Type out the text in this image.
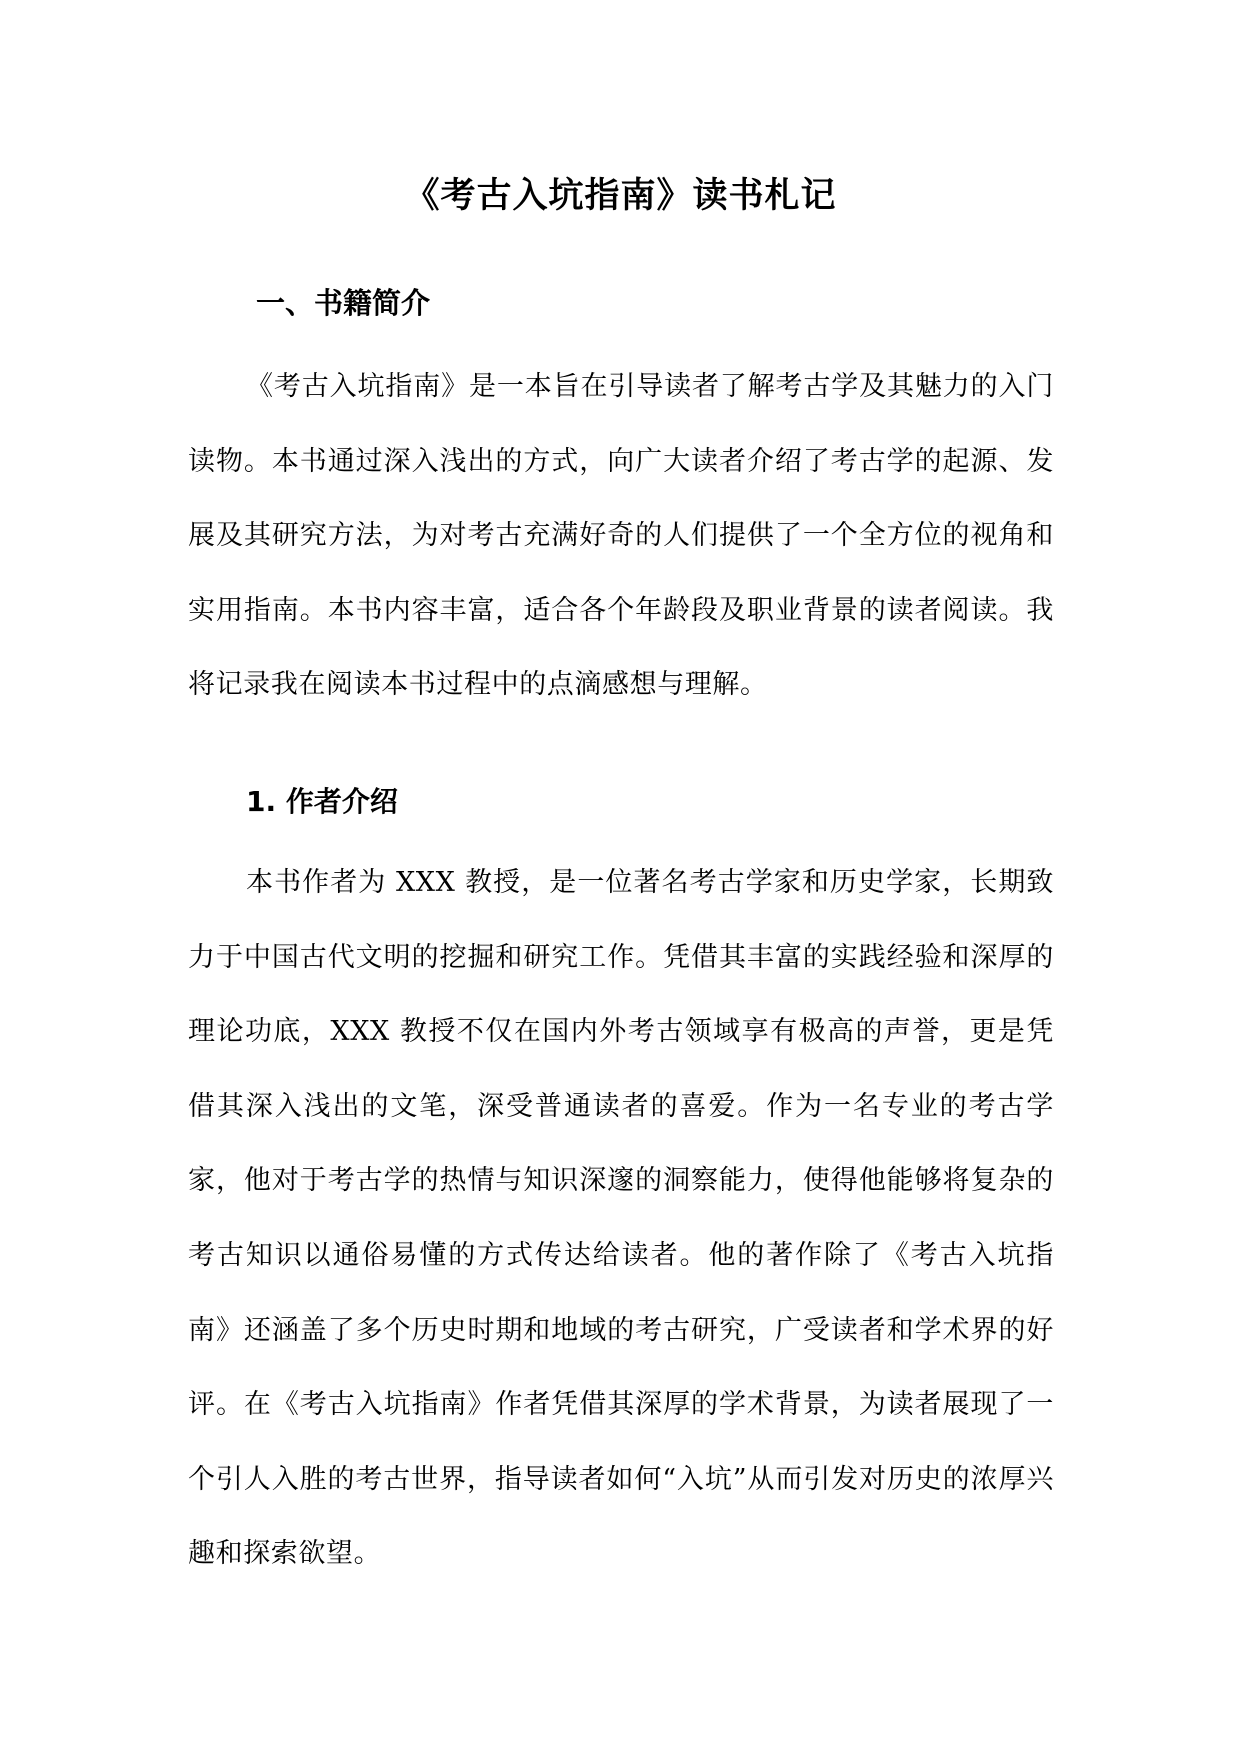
《考古入坑指南》读书札记
一、书籍简介

《考古入坑指南》是一本旨在引导读者了解考古学及其魅力的入门读物。本书通过深入浅出的方式，向广大读者介绍了考古学的起源、发展及其研究方法，为对考古充满好奇的人们提供了一个全方位的视角和实用指南。本书内容丰富，适合各个年龄段及职业背景的读者阅读。我将记录我在阅读本书过程中的点滴感想与理解。

1. 作者介绍

本书作者为 XXX 教授，是一位著名考古学家和历史学家，长期致力于中国古代文明的挖掘和研究工作。凭借其丰富的实践经验和深厚的理论功底，XXX 教授不仅在国内外考古领域享有极高的声誉，更是凭借其深入浅出的文笔，深受普通读者的喜爱。作为一名专业的考古学家，他对于考古学的热情与知识深邃的洞察能力，使得他能够将复杂的考古知识以通俗易懂的方式传达给读者。他的著作除了《考古入坑指南》还涵盖了多个历史时期和地域的考古研究，广受读者和学术界的好评。在《考古入坑指南》作者凭借其深厚的学术背景，为读者展现了一个引人入胜的考古世界，指导读者如何“入坑”从而引发对历史的浓厚兴趣和探索欲望。
